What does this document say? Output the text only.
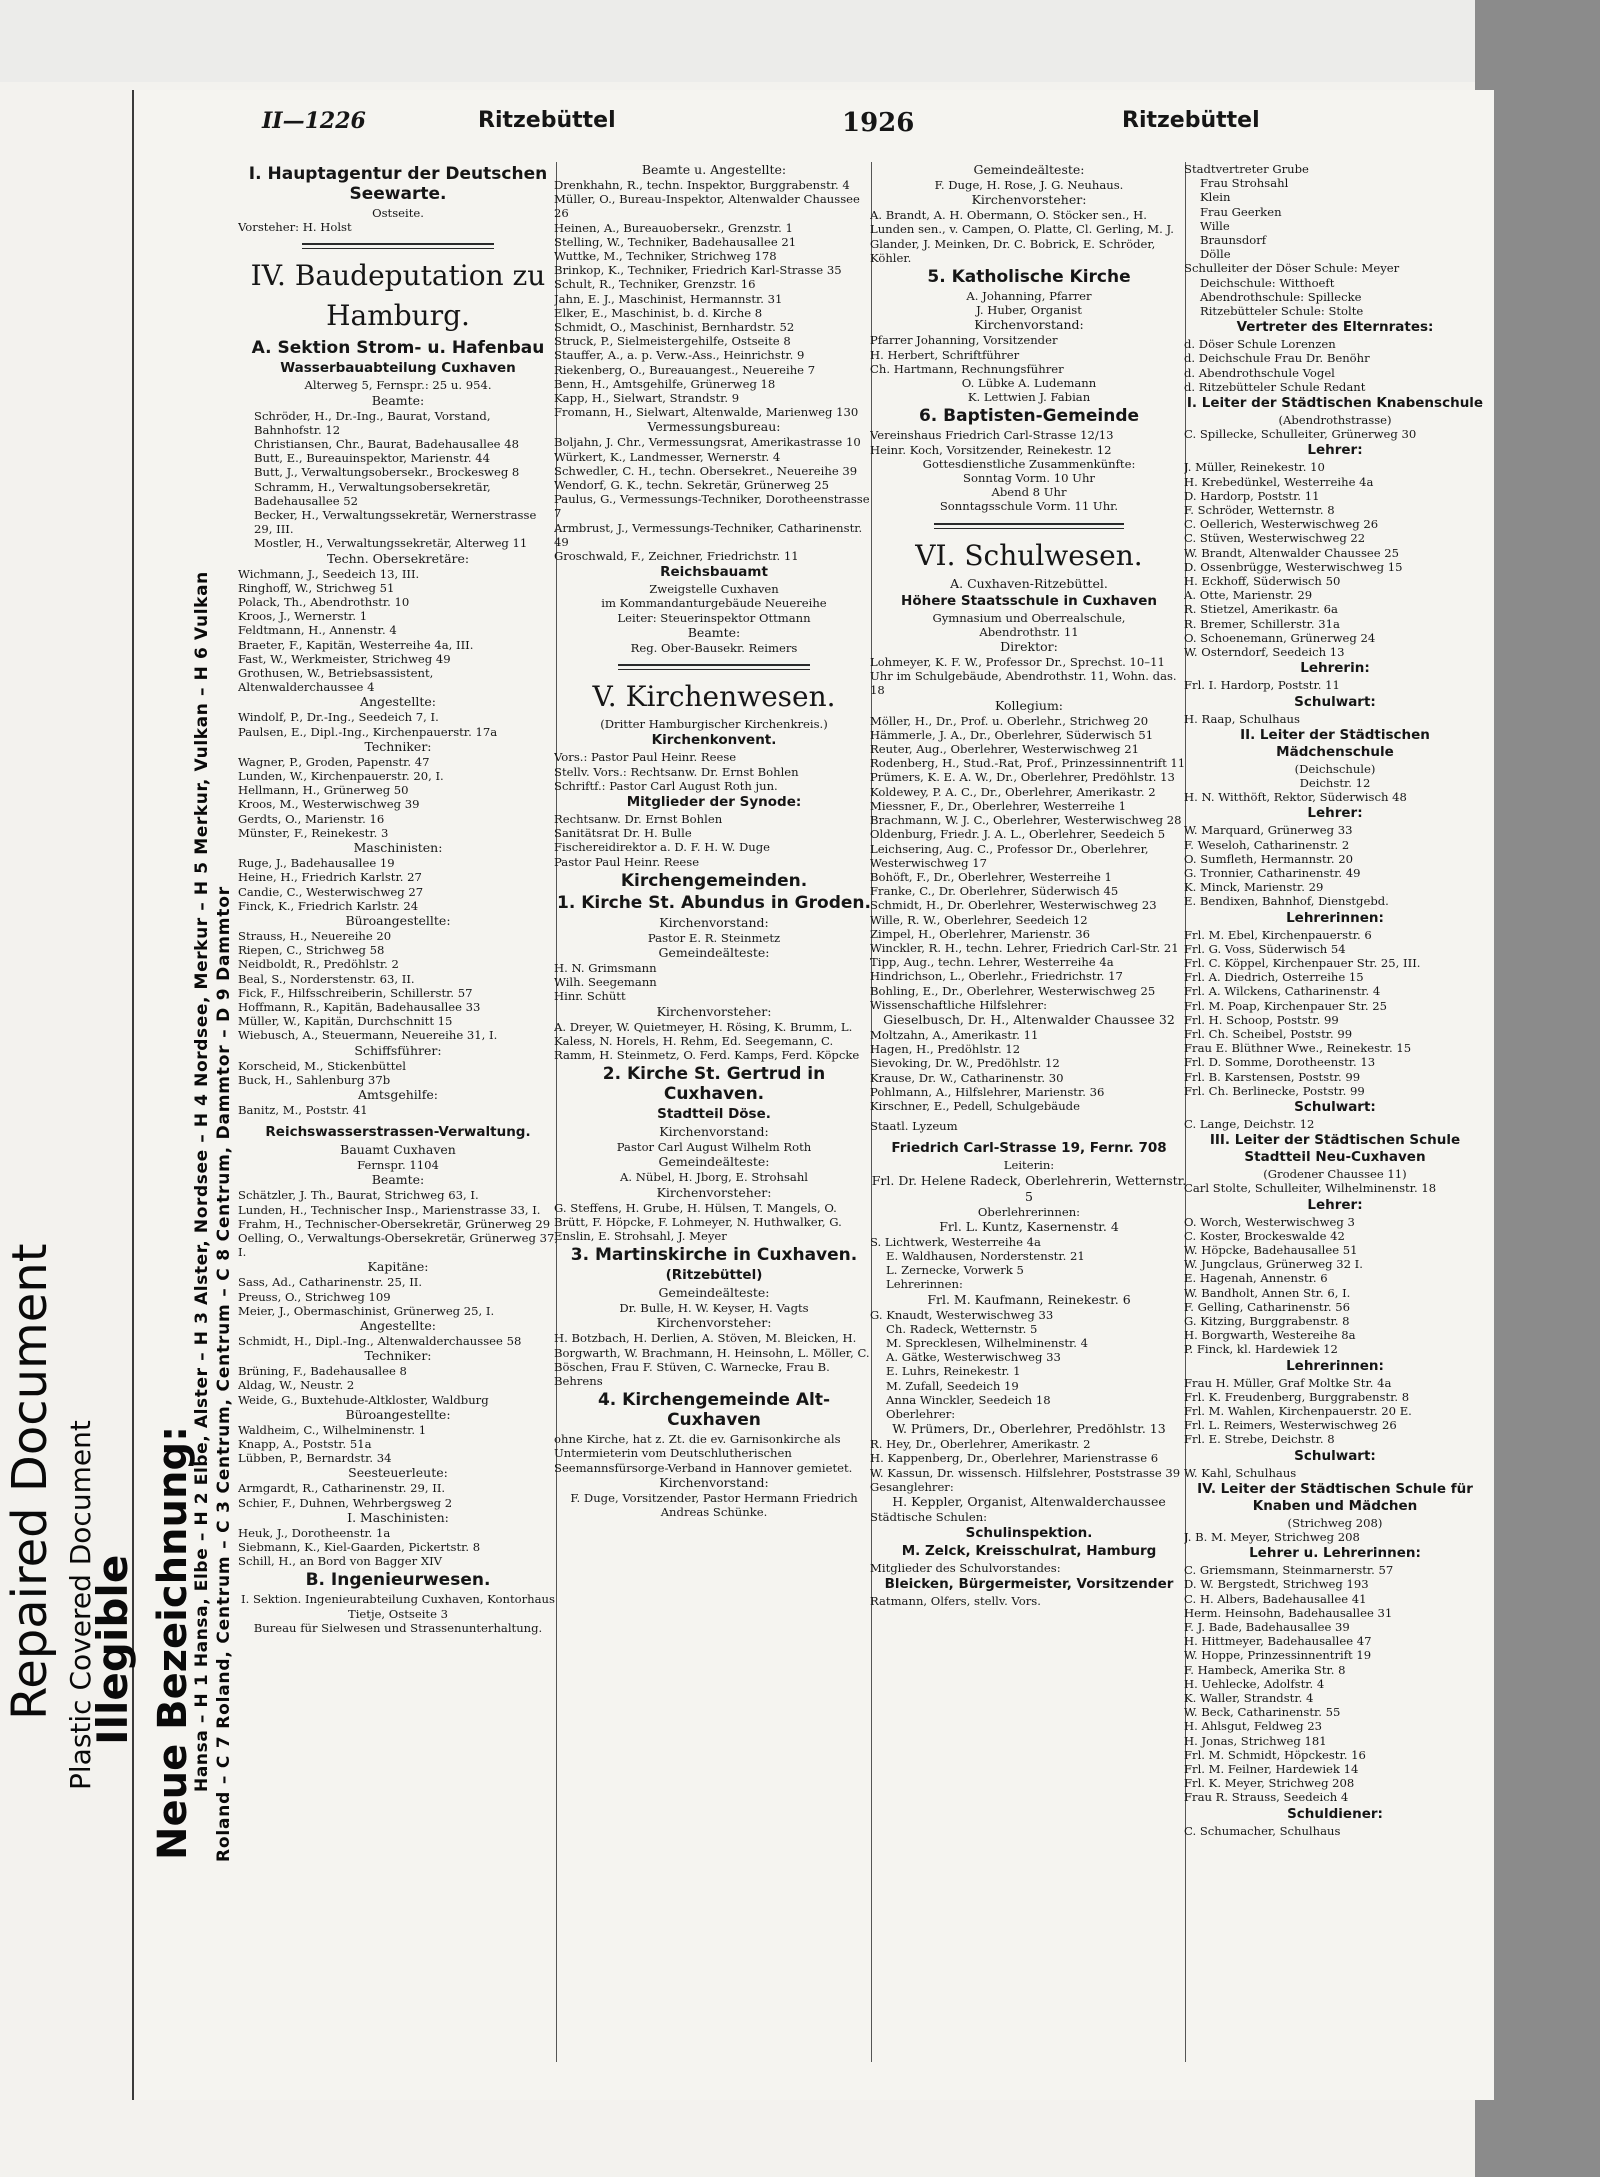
Repaired Document Plastic Covered Document
Illegible Neue Bezeichnung:
Hansa – H 1 Hansa, Elbe – H 2 Elbe, Alster – H 3 Alster, Nordsee – H 4 Nordsee, Merkur – H 5 Merkur, Vulkan – H 6 Vulkan Roland – C 7 Roland, Centrum – C 3 Centrum, Centrum – C 8 Centrum, Dammtor – D 9 Dammtor
II—1226	Ritzebüttel	1926	Ritzebüttel

I. Hauptagentur der Deutschen Seewarte.

Ostseite.

Vorsteher: H. Holst

IV. Baudeputation zu Hamburg.

A. Sektion Strom- u. Hafenbau

Wasserbauabteilung Cuxhaven

Alterweg 5, Fernspr.: 25 u. 954.

Beamte:

Schröder, H., Dr.-Ing., Baurat, Vorstand, Bahnhofstr. 12

Christiansen, Chr., Baurat, Badehausallee 48

Butt, E., Bureauinspektor, Marienstr. 44

Butt, J., Verwaltungsobersekr., Brockesweg 8

Schramm, H., Verwaltungsobersekretär, Badehausallee 52

Becker, H., Verwaltungssekretär, Wernerstrasse 29, III.

Mostler, H., Verwaltungssekretär, Alterweg 11

Techn. Obersekretäre:

Wichmann, J., Seedeich 13, III.

Ringhoff, W., Strichweg 51

Polack, Th., Abendrothstr. 10

Kroos, J., Wernerstr. 1

Feldtmann, H., Annenstr. 4

Braeter, F., Kapitän, Westerreihe 4a, III.

Fast, W., Werkmeister, Strichweg 49

Grothusen, W., Betriebsassistent, Altenwalderchaussee 4

Angestellte:

Windolf, P., Dr.-Ing., Seedeich 7, I.

Paulsen, E., Dipl.-Ing., Kirchenpauerstr. 17a

Techniker:

Wagner, P., Groden, Papenstr. 47

Lunden, W., Kirchenpauerstr. 20, I.

Hellmann, H., Grünerweg 50

Kroos, M., Westerwischweg 39

Gerdts, O., Marienstr. 16

Münster, F., Reinekestr. 3

Maschinisten:

Ruge, J., Badehausallee 19

Heine, H., Friedrich Karlstr. 27

Candie, C., Westerwischweg 27

Finck, K., Friedrich Karlstr. 24

Büroangestellte:

Strauss, H., Neuereihe 20

Riepen, C., Strichweg 58

Neidboldt, R., Predöhlstr. 2

Beal, S., Norderstenstr. 63, II.

Fick, F., Hilfsschreiberin, Schillerstr. 57

Hoffmann, R., Kapitän, Badehausallee 33

Müller, W., Kapitän, Durchschnitt 15

Wiebusch, A., Steuermann, Neuereihe 31, I.

Schiffsführer:

Korscheid, M., Stickenbüttel

Buck, H., Sahlenburg 37b

Amtsgehilfe:

Banitz, M., Poststr. 41

Reichswasserstrassen-Verwaltung.

Bauamt Cuxhaven

Fernspr. 1104

Beamte:

Schätzler, J. Th., Baurat, Strichweg 63, I.

Lunden, H., Technischer Insp., Marienstrasse 33, I.

Frahm, H., Technischer-Obersekretär, Grünerweg 29

Oelling, O., Verwaltungs-Obersekretär, Grünerweg 37, I.

Kapitäne:

Sass, Ad., Catharinenstr. 25, II.

Preuss, O., Strichweg 109

Meier, J., Obermaschinist, Grünerweg 25, I.

Angestellte:

Schmidt, H., Dipl.-Ing., Altenwalderchaussee 58

Techniker:

Brüning, F., Badehausallee 8

Aldag, W., Neustr. 2

Weide, G., Buxtehude-Altkloster, Waldburg

Büroangestellte:

Waldheim, C., Wilhelminenstr. 1

Knapp, A., Poststr. 51a

Lübben, P., Bernardstr. 34

Seesteuerleute:

Armgardt, R., Catharinenstr. 29, II.

Schier, F., Duhnen, Wehrbergsweg 2

I. Maschinisten:

Heuk, J., Dorotheenstr. 1a

Siebmann, K., Kiel-Gaarden, Pickertstr. 8

Schill, H., an Bord von Bagger XIV

B. Ingenieurwesen.

I. Sektion. Ingenieurabteilung Cuxhaven, Kontorhaus Tietje, Ostseite 3

Bureau für Sielwesen und Strassenunterhaltung.

Beamte u. Angestellte:

Drenkhahn, R., techn. Inspektor, Burggrabenstr. 4

Müller, O., Bureau-Inspektor, Altenwalder Chaussee 26

Heinen, A., Bureauobersekr., Grenzstr. 1

Stelling, W., Techniker, Badehausallee 21

Wuttke, M., Techniker, Strichweg 178

Brinkop, K., Techniker, Friedrich Karl-Strasse 35

Schult, R., Techniker, Grenzstr. 16

Jahn, E. J., Maschinist, Hermannstr. 31

Elker, E., Maschinist, b. d. Kirche 8

Schmidt, O., Maschinist, Bernhardstr. 52

Struck, P., Sielmeistergehilfe, Ostseite 8

Stauffer, A., a. p. Verw.-Ass., Heinrichstr. 9

Riekenberg, O., Bureauangest., Neuereihe 7

Benn, H., Amtsgehilfe, Grünerweg 18

Kapp, H., Sielwart, Strandstr. 9

Fromann, H., Sielwart, Altenwalde, Marienweg 130

Vermessungsbureau:

Boljahn, J. Chr., Vermessungsrat, Amerikastrasse 10

Würkert, K., Landmesser, Wernerstr. 4

Schwedler, C. H., techn. Obersekret., Neuereihe 39

Wendorf, G. K., techn. Sekretär, Grünerweg 25

Paulus, G., Vermessungs-Techniker, Dorotheenstrasse 7

Armbrust, J., Vermessungs-Techniker, Catharinenstr. 49

Groschwald, F., Zeichner, Friedrichstr. 11

Reichsbauamt

Zweigstelle Cuxhaven

im Kommandanturgebäude Neuereihe

Leiter: Steuerinspektor Ottmann

Beamte:

Reg. Ober-Bausekr. Reimers

V. Kirchenwesen.

(Dritter Hamburgischer Kirchenkreis.)

Kirchenkonvent.

Vors.: Pastor Paul Heinr. Reese

Stellv. Vors.: Rechtsanw. Dr. Ernst Bohlen

Schriftf.: Pastor Carl August Roth jun.

Mitglieder der Synode:

Rechtsanw. Dr. Ernst Bohlen

Sanitätsrat Dr. H. Bulle

Fischereidirektor a. D. F. H. W. Duge

Pastor Paul Heinr. Reese

Kirchengemeinden.

1. Kirche St. Abundus in Groden.

Kirchenvorstand:

Pastor E. R. Steinmetz

Gemeindeälteste:

H. N. Grimsmann

Wilh. Seegemann

Hinr. Schütt

Kirchenvorsteher:

A. Dreyer, W. Quietmeyer, H. Rösing, K. Brumm, L. Kaless, N. Horels, H. Rehm, Ed. Seegemann, C. Ramm, H. Steinmetz, O. Ferd. Kamps, Ferd. Köpcke

2. Kirche St. Gertrud in Cuxhaven.

Stadtteil Döse.

Kirchenvorstand:

Pastor Carl August Wilhelm Roth

Gemeindeälteste:

A. Nübel, H. Jborg, E. Strohsahl

Kirchenvorsteher:

G. Steffens, H. Grube, H. Hülsen, T. Mangels, O. Brütt, F. Höpcke, F. Lohmeyer, N. Huthwalker, G. Enslin, E. Strohsahl, J. Meyer

3. Martinskirche in Cuxhaven.

(Ritzebüttel)

Gemeindeälteste:

Dr. Bulle, H. W. Keyser, H. Vagts

Kirchenvorsteher:

H. Botzbach, H. Derlien, A. Stöven, M. Bleicken, H. Borgwarth, W. Brachmann, H. Heinsohn, L. Möller, C. Böschen, Frau F. Stüven, C. Warnecke, Frau B. Behrens

4. Kirchengemeinde Alt-Cuxhaven

ohne Kirche, hat z. Zt. die ev. Garnisonkirche als Untermieterin vom Deutschlutherischen Seemannsfürsorge-Verband in Hannover gemietet.

Kirchenvorstand:

F. Duge, Vorsitzender, Pastor Hermann Friedrich Andreas Schünke.

Gemeindeälteste:

F. Duge, H. Rose, J. G. Neuhaus.

Kirchenvorsteher:

A. Brandt, A. H. Obermann, O. Stöcker sen., H. Lunden sen., v. Campen, O. Platte, Cl. Gerling, M. J. Glander, J. Meinken, Dr. C. Bobrick, E. Schröder, Köhler.

5. Katholische Kirche

A. Johanning, Pfarrer

J. Huber, Organist

Kirchenvorstand:

Pfarrer Johanning, Vorsitzender

H. Herbert, Schriftführer

Ch. Hartmann, Rechnungsführer

O. Lübke A. Ludemann

K. Lettwien J. Fabian

6. Baptisten-Gemeinde

Vereinshaus Friedrich Carl-Strasse 12/13

Heinr. Koch, Vorsitzender, Reinekestr. 12

Gottesdienstliche Zusammenkünfte:

Sonntag Vorm. 10 Uhr

Abend 8 Uhr

Sonntagsschule Vorm. 11 Uhr.

VI. Schulwesen.

A. Cuxhaven-Ritzebüttel.

Höhere Staatsschule in Cuxhaven

Gymnasium und Oberrealschule,

Abendrothstr. 11

Direktor:

Lohmeyer, K. F. W., Professor Dr., Sprechst. 10–11 Uhr im Schulgebäude, Abendrothstr. 11, Wohn. das. 18

Kollegium:

Möller, H., Dr., Prof. u. Oberlehr., Strichweg 20

Hämmerle, J. A., Dr., Oberlehrer, Süderwisch 51

Reuter, Aug., Oberlehrer, Westerwischweg 21

Rodenberg, H., Stud.-Rat, Prof., Prinzessinnentrift 11

Prümers, K. E. A. W., Dr., Oberlehrer, Predöhlstr. 13

Koldewey, P. A. C., Dr., Oberlehrer, Amerikastr. 2

Miessner, F., Dr., Oberlehrer, Westerreihe 1

Brachmann, W. J. C., Oberlehrer, Westerwischweg 28

Oldenburg, Friedr. J. A. L., Oberlehrer, Seedeich 5

Leichsering, Aug. C., Professor Dr., Oberlehrer, Westerwischweg 17

Bohöft, F., Dr., Oberlehrer, Westerreihe 1

Franke, C., Dr. Oberlehrer, Süderwisch 45

Schmidt, H., Dr. Oberlehrer, Westerwischweg 23

Wille, R. W., Oberlehrer, Seedeich 12

Zimpel, H., Oberlehrer, Marienstr. 36

Winckler, R. H., techn. Lehrer, Friedrich Carl-Str. 21

Tipp, Aug., techn. Lehrer, Westerreihe 4a

Hindrichson, L., Oberlehr., Friedrichstr. 17

Bohling, E., Dr., Oberlehrer, Westerwischweg 25

Wissenschaftliche Hilfslehrer:

Gieselbusch, Dr. H., Altenwalder Chaussee 32

Moltzahn, A., Amerikastr. 11

Hagen, H., Predöhlstr. 12

Sievoking, Dr. W., Predöhlstr. 12

Krause, Dr. W., Catharinenstr. 30

Pohlmann, A., Hilfslehrer, Marienstr. 36

Kirschner, E., Pedell, Schulgebäude

Staatl. Lyzeum

Friedrich Carl-Strasse 19, Fernr. 708

Leiterin:

Frl. Dr. Helene Radeck, Oberlehrerin, Wetternstr. 5

Oberlehrerinnen:

Frl. L. Kuntz, Kasernenstr. 4

S. Lichtwerk, Westerreihe 4a

E. Waldhausen, Norderstenstr. 21

L. Zernecke, Vorwerk 5

Lehrerinnen:

Frl. M. Kaufmann, Reinekestr. 6

G. Knaudt, Westerwischweg 33

Ch. Radeck, Wetternstr. 5

M. Sprecklesen, Wilhelminenstr. 4

A. Gätke, Westerwischweg 33

E. Luhrs, Reinekestr. 1

M. Zufall, Seedeich 19

Anna Winckler, Seedeich 18

Oberlehrer:

W. Prümers, Dr., Oberlehrer, Predöhlstr. 13

R. Hey, Dr., Oberlehrer, Amerikastr. 2

H. Kappenberg, Dr., Oberlehrer, Marienstrasse 6

W. Kassun, Dr. wissensch. Hilfslehrer, Poststrasse 39

Gesanglehrer:

H. Keppler, Organist, Altenwalderchaussee

Städtische Schulen:

Schulinspektion.

M. Zelck, Kreisschulrat, Hamburg

Mitglieder des Schulvorstandes:

Bleicken, Bürgermeister, Vorsitzender

Ratmann, Olfers, stellv. Vors.

Stadtvertreter Grube

Frau Strohsahl

Klein

Frau Geerken

Wille

Braunsdorf

Dölle

Schulleiter der Döser Schule: Meyer

Deichschule: Witthoeft

Abendrothschule: Spillecke

Ritzebütteler Schule: Stolte

Vertreter des Elternrates:

d. Döser Schule Lorenzen

d. Deichschule Frau Dr. Benöhr

d. Abendrothschule Vogel

d. Ritzebütteler Schule Redant

I. Leiter der Städtischen Knabenschule

(Abendrothstrasse)

C. Spillecke, Schulleiter, Grünerweg 30

Lehrer:

J. Müller, Reinekestr. 10

H. Krebedünkel, Westerreihe 4a

D. Hardorp, Poststr. 11

F. Schröder, Wetternstr. 8

C. Oellerich, Westerwischweg 26

C. Stüven, Westerwischweg 22

W. Brandt, Altenwalder Chaussee 25

D. Ossenbrügge, Westerwischweg 15

H. Eckhoff, Süderwisch 50

A. Otte, Marienstr. 29

R. Stietzel, Amerikastr. 6a

R. Bremer, Schillerstr. 31a

O. Schoenemann, Grünerweg 24

W. Osterndorf, Seedeich 13

Lehrerin:

Frl. I. Hardorp, Poststr. 11

Schulwart:

H. Raap, Schulhaus

II. Leiter der Städtischen Mädchenschule

(Deichschule)

Deichstr. 12

H. N. Witthöft, Rektor, Süderwisch 48

Lehrer:

W. Marquard, Grünerweg 33

F. Weseloh, Catharinenstr. 2

O. Sumfleth, Hermannstr. 20

G. Tronnier, Catharinenstr. 49

K. Minck, Marienstr. 29

E. Bendixen, Bahnhof, Dienstgebd.

Lehrerinnen:

Frl. M. Ebel, Kirchenpauerstr. 6

Frl. G. Voss, Süderwisch 54

Frl. C. Köppel, Kirchenpauer Str. 25, III.

Frl. A. Diedrich, Osterreihe 15

Frl. A. Wilckens, Catharinenstr. 4

Frl. M. Poap, Kirchenpauer Str. 25

Frl. H. Schoop, Poststr. 99

Frl. Ch. Scheibel, Poststr. 99

Frau E. Blüthner Wwe., Reinekestr. 15

Frl. D. Somme, Dorotheenstr. 13

Frl. B. Karstensen, Poststr. 99

Frl. Ch. Berlinecke, Poststr. 99

Schulwart:

C. Lange, Deichstr. 12

III. Leiter der Städtischen Schule Stadtteil Neu-Cuxhaven

(Grodener Chaussee 11)

Carl Stolte, Schulleiter, Wilhelminenstr. 18

Lehrer:

O. Worch, Westerwischweg 3

C. Koster, Brockeswalde 42

W. Höpcke, Badehausallee 51

W. Jungclaus, Grünerweg 32 I.

E. Hagenah, Annenstr. 6

W. Bandholt, Annen Str. 6, I.

F. Gelling, Catharinenstr. 56

G. Kitzing, Burggrabenstr. 8

H. Borgwarth, Westereihe 8a

P. Finck, kl. Hardewiek 12

Lehrerinnen:

Frau H. Müller, Graf Moltke Str. 4a

Frl. K. Freudenberg, Burggrabenstr. 8

Frl. M. Wahlen, Kirchenpauerstr. 20 E.

Frl. L. Reimers, Westerwischweg 26

Frl. E. Strebe, Deichstr. 8

Schulwart:

W. Kahl, Schulhaus

IV. Leiter der Städtischen Schule für Knaben und Mädchen

(Strichweg 208)

J. B. M. Meyer, Strichweg 208

Lehrer u. Lehrerinnen:

C. Griemsmann, Steinmarnerstr. 57

D. W. Bergstedt, Strichweg 193

C. H. Albers, Badehausallee 41

Herm. Heinsohn, Badehausallee 31

F. J. Bade, Badehausallee 39

H. Hittmeyer, Badehausallee 47

W. Hoppe, Prinzessinnentrift 19

F. Hambeck, Amerika Str. 8

H. Uehlecke, Adolfstr. 4

K. Waller, Strandstr. 4

W. Beck, Catharinenstr. 55

H. Ahlsgut, Feldweg 23

H. Jonas, Strichweg 181

Frl. M. Schmidt, Höpckestr. 16

Frl. M. Feilner, Hardewiek 14

Frl. K. Meyer, Strichweg 208

Frau R. Strauss, Seedeich 4

Schuldiener:

C. Schumacher, Schulhaus
